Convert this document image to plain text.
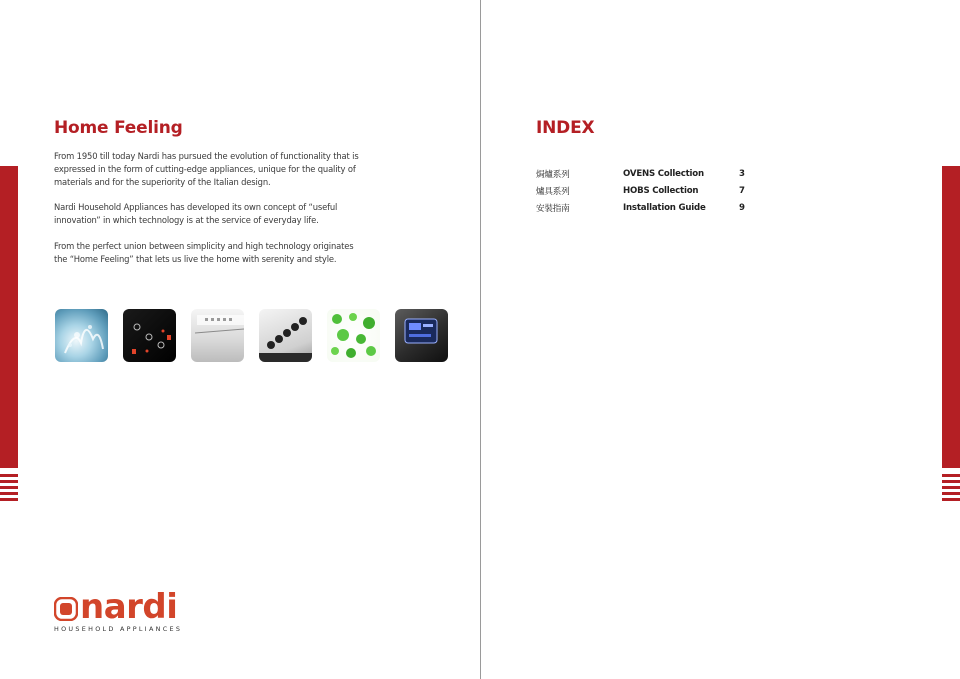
Home Feeling

From 1950 till today Nardi has pursued the evolution of functionality that is expressed in the form of cutting-edge appliances, unique for the quality of materials and for the superiority of the Italian design.

Nardi Household Appliances has developed its own concept of “useful innovation” in which technology is at the service of everyday life.

From the perfect union between simplicity and high technology originates the “Home Feeling” that lets us live the home with serenity and style.

nardi
HOUSEHOLD APPLIANCES
INDEX
焗爐系列	OVENS Collection	3
爐具系列	HOBS Collection	7
安裝指南	Installation Guide	9
